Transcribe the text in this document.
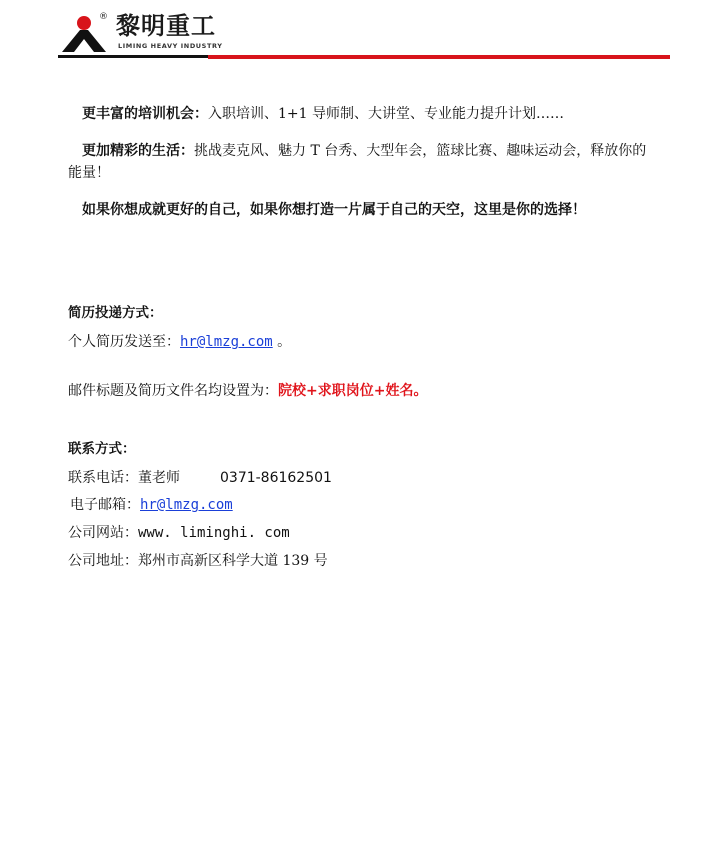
® 黎明重工
LIMING HEAVY INDUSTRY
更丰富的培训机会：入职培训、1+1 导师制、大讲堂、专业能力提升计划……
更加精彩的生活：挑战麦克风、魅力 T 台秀、大型年会，篮球比赛、趣味运动会，释放你的能量！
如果你想成就更好的自己，如果你想打造一片属于自己的天空，这里是你的选择！
简历投递方式：
个人简历发送至：hr@lmzg.com 。
邮件标题及简历文件名均设置为：院校+求职岗位+姓名。
联系方式：
联系电话：董老师	0371-86162501
电子邮箱：hr@lmzg.com
公司网站：www. liminghi. com
公司地址：郑州市高新区科学大道 139 号
